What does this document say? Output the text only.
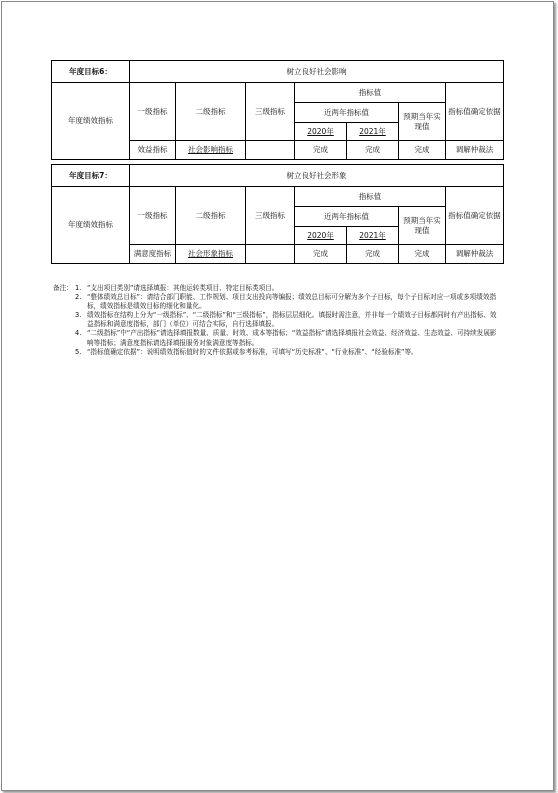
年度目标6：	树立良好社会影响						
年度绩效指标	一级指标	二级指标	三级指标	指标值			指标值确定依据
				近两年指标值		预期当年实现值	
				2020年	2021年		
	效益指标	社会影响指标		完成	完成	完成	调解仲裁法
年度目标7：	树立良好社会形象						
年度绩效指标	一级指标	二级指标	三级指标	指标值			指标值确定依据
				近两年指标值		预期当年实现值	
				2020年	2021年		
	满意度指标	社会形象指标		完成	完成	完成	调解仲裁法
备注： 1. “支出项目类别”请选择填报：其他运转类项目、特定目标类项目。
2. “整体绩效总目标”：请结合部门职能、工作规划、项目支出投向等编报；绩效总目标可分解为多个子目标，每个子目标对应一项或多项绩效指标，绩效指标是绩效目标的细化和量化。
3. 绩效指标在结构上分为“一级指标”、“二级指标”和“三级指标”，指标层层细化。填报时需注意，并非每一个绩效子目标都同时有产出指标、效益指标和满意度指标，部门（单位）可结合实际，自行选择填报。
4. “二级指标”中“产出指标”请选择填报数量、质量、时效、成本等指标；“效益指标”请选择填报社会效益、经济效益、生态效益、可持续发展影响等指标；满意度指标请选择填报服务对象满意度等指标。
5. “指标值确定依据”：说明绩效指标值时的文件依据或参考标准，可填写“历史标准”、“行业标准”、“经验标准”等。
